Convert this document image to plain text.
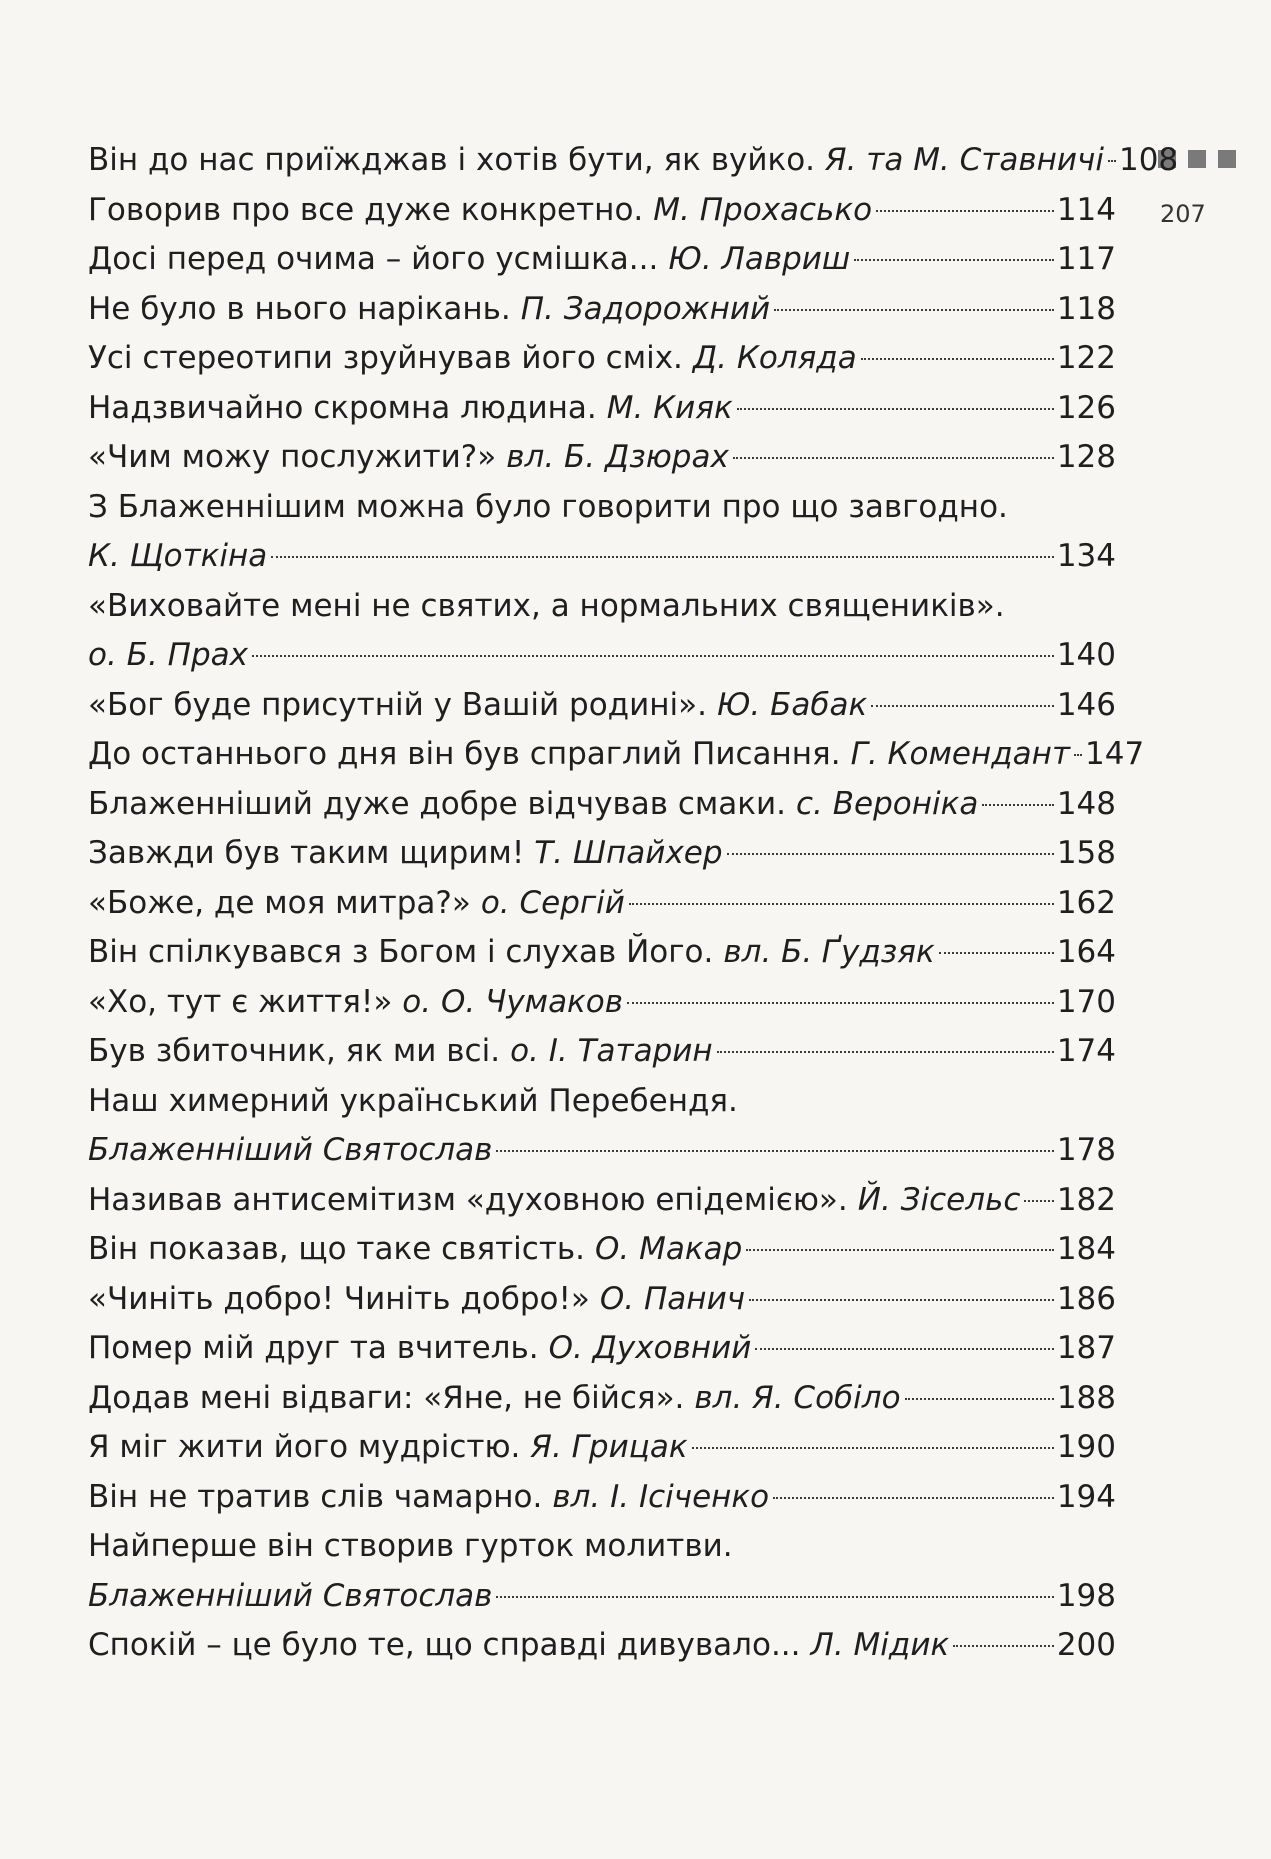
207
Він до нас приїжджав і хотів бути, як вуйко. Я. та М. Ставничі 108
Говорив про все дуже конкретно. М. Прохасько	114
Досі перед очима – його усмішка... Ю. Лавриш	117
Не було в нього нарікань. П. Задорожний	118
Усі стереотипи зруйнував його сміх. Д. Коляда	122
Надзвичайно скромна людина. М. Кияк	126
«Чим можу послужити?» вл. Б. Дзюрах	128
З Блаженнішим можна було говорити про що завгодно.
К. Щоткіна	134
«Виховайте мені не святих, а нормальних священиків».
о. Б. Прах	140
«Бог буде присутній у Вашій родині». Ю. Бабак	146
До останнього дня він був спраглий Писання. Г. Комендант 147
Блаженніший дуже добре відчував смаки. с. Вероніка	148
Завжди був таким щирим! Т. Шпайхер	158
«Боже, де моя митра?» о. Сергій	162
Він спілкувався з Богом і слухав Його. вл. Б. Ґудзяк	164
«Хо, тут є життя!» о. О. Чумаков	170
Був збиточник, як ми всі. о. І. Татарин	174
Наш химерний український Перебендя.
Блаженніший Святослав	178
Називав антисемітизм «духовною епідемією». Й. Зісельс 182
Він показав, що таке святість. О. Макар	184
«Чиніть добро! Чиніть добро!» О. Панич	186
Помер мій друг та вчитель. О. Духовний	187
Додав мені відваги: «Яне, не бійся». вл. Я. Собіло	188
Я міг жити його мудрістю. Я. Грицак	190
Він не тратив слів чамарно. вл. І. Ісіченко	194
Найперше він створив гурток молитви.
Блаженніший Святослав	198
Спокій – це було те, що справді дивувало... Л. Мідик	200
